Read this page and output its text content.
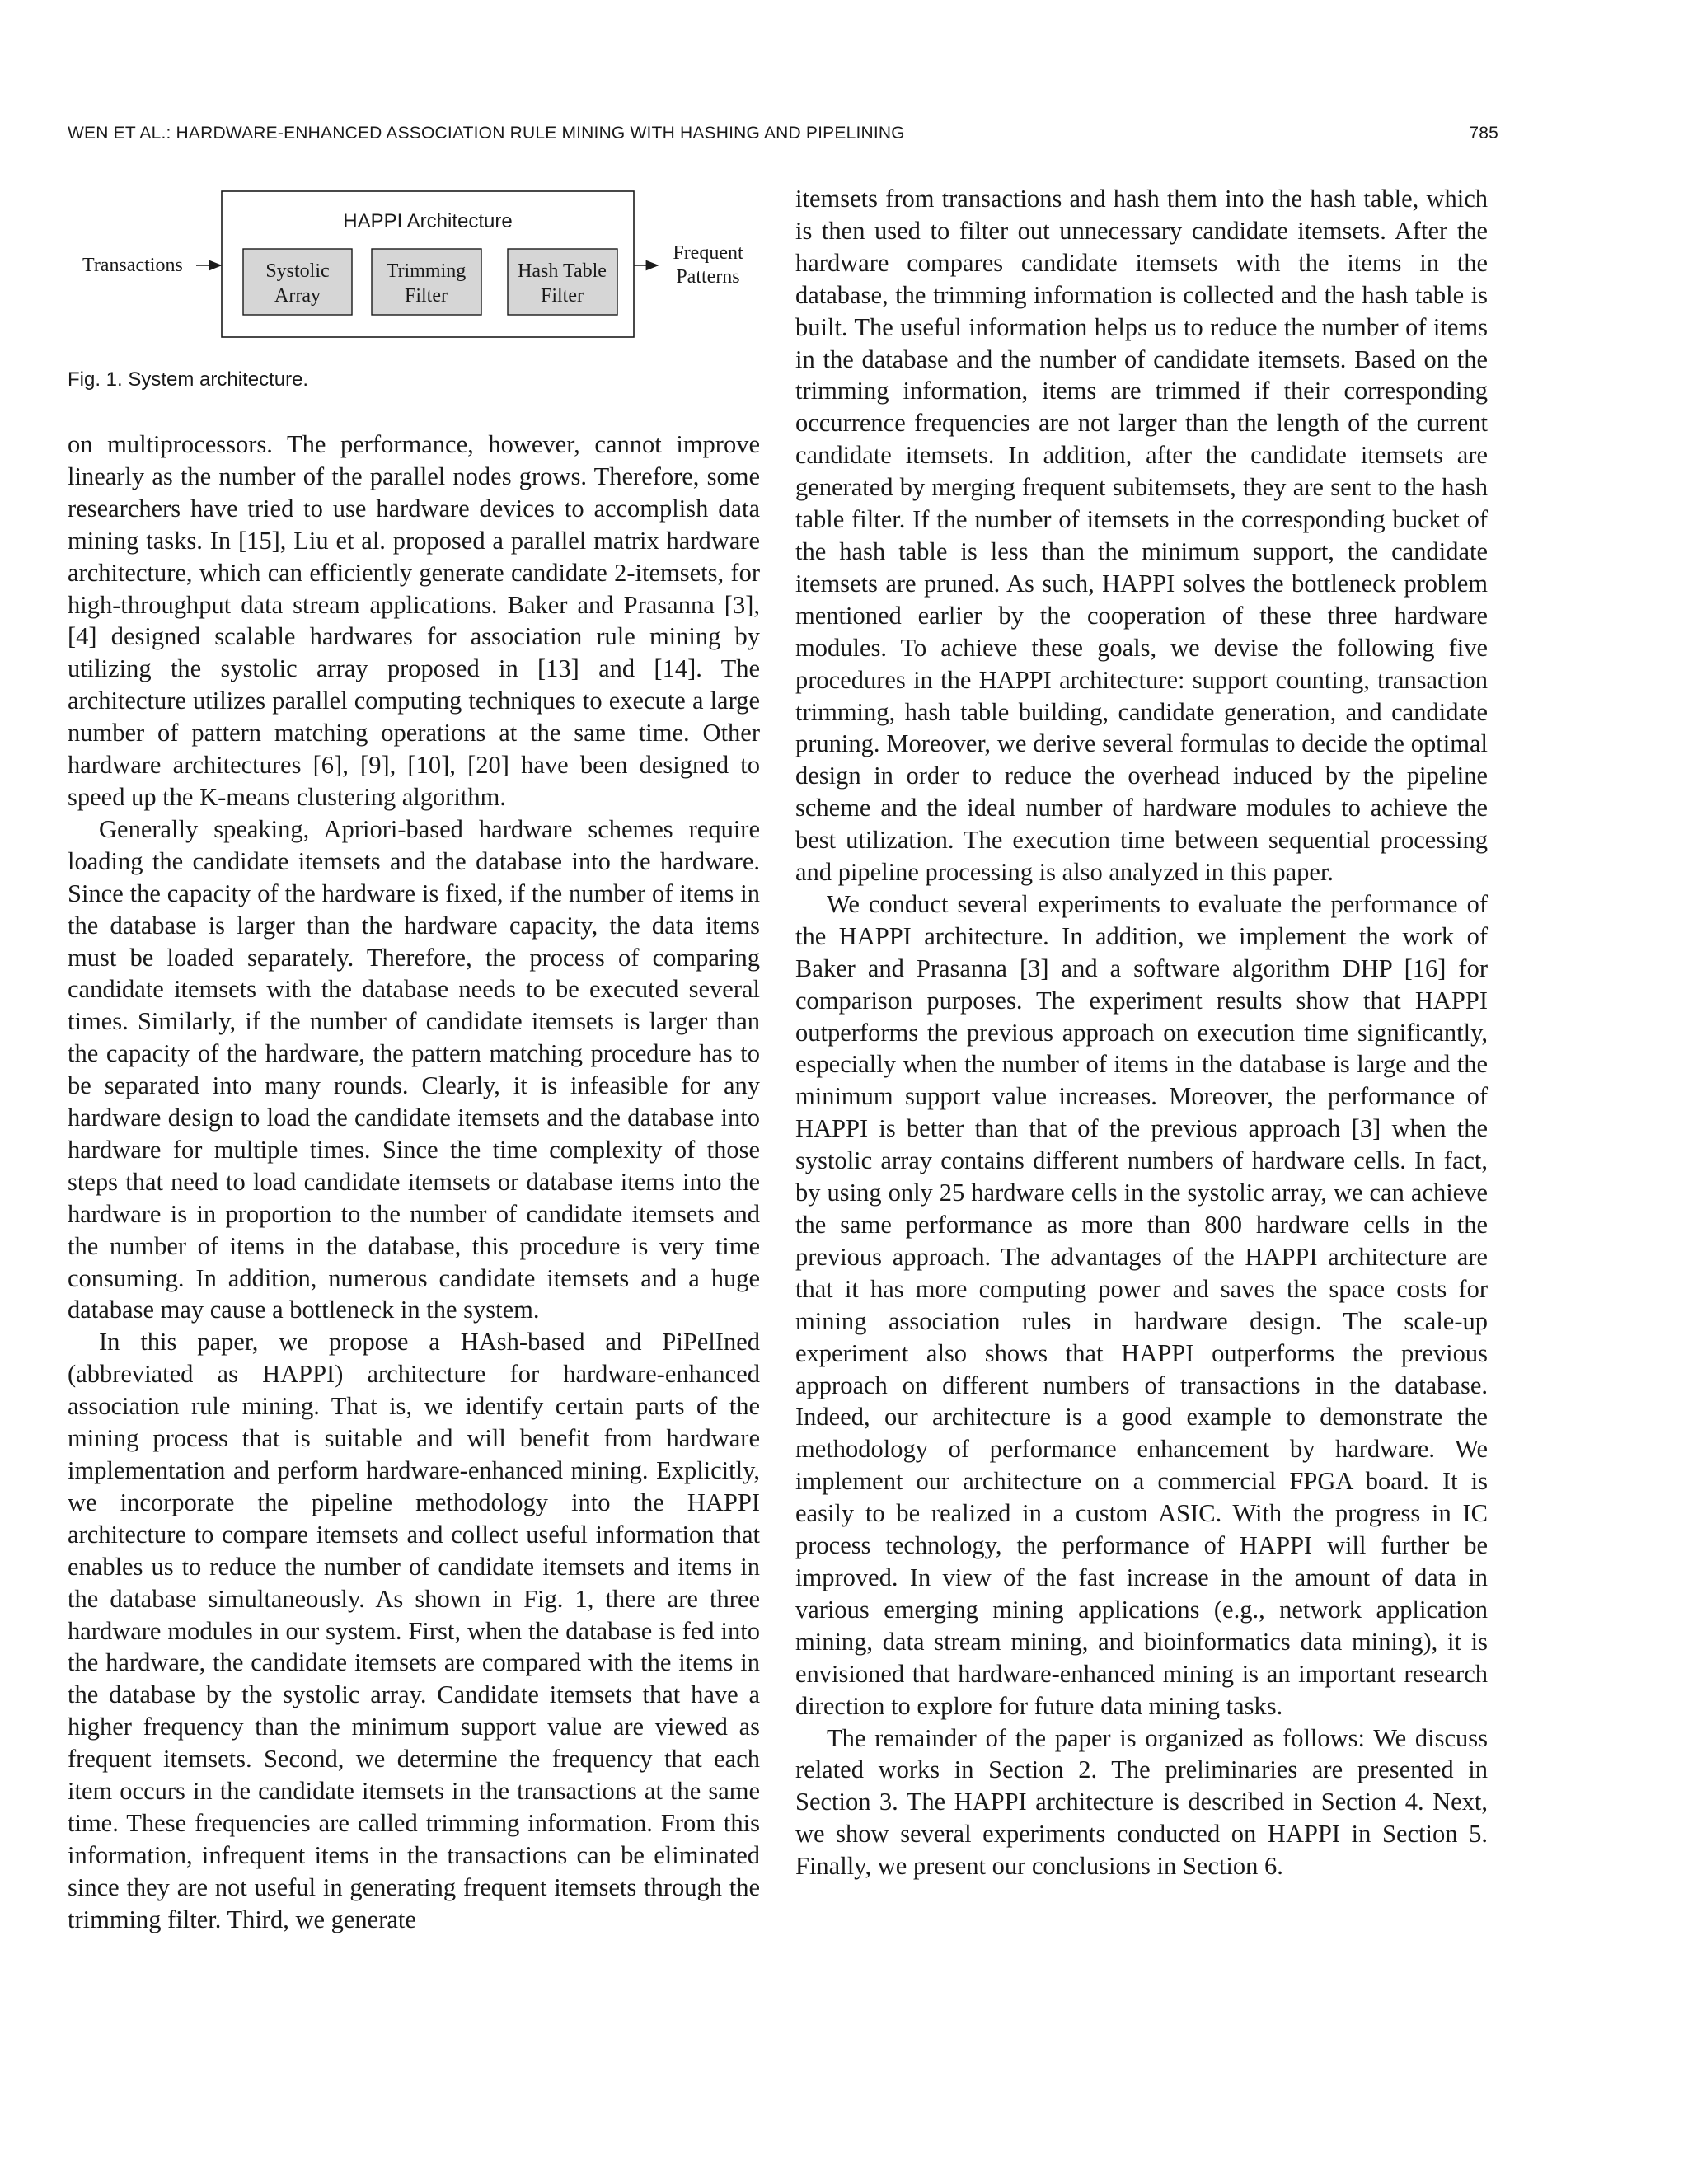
WEN ET AL.: HARDWARE-ENHANCED ASSOCIATION RULE MINING WITH HASHING AND PIPELINING	785
HAPPI Architecture
Systolic
Array
Trimming
Filter
Hash Table
Filter
Transactions
Frequent
Patterns
Fig. 1. System architecture.

on multiprocessors. The performance, however, cannot improve linearly as the number of the parallel nodes grows. Therefore, some researchers have tried to use hardware devices to accomplish data mining tasks. In [15], Liu et al. proposed a parallel matrix hardware architecture, which can efficiently generate candidate 2-itemsets, for high-throughput data stream applications. Baker and Prasanna [3], [4] designed scalable hardwares for association rule mining by utilizing the systolic array proposed in [13] and [14]. The architecture utilizes parallel computing techniques to execute a large number of pattern matching operations at the same time. Other hardware architectures [6], [9], [10], [20] have been designed to speed up the K-means clustering algorithm.

Generally speaking, Apriori-based hardware schemes require loading the candidate itemsets and the database into the hardware. Since the capacity of the hardware is fixed, if the number of items in the database is larger than the hardware capacity, the data items must be loaded separately. Therefore, the process of comparing candidate itemsets with the database needs to be executed several times. Similarly, if the number of candidate itemsets is larger than the capacity of the hardware, the pattern matching procedure has to be separated into many rounds. Clearly, it is infeasible for any hardware design to load the candidate itemsets and the database into hardware for multiple times. Since the time complexity of those steps that need to load candidate itemsets or database items into the hardware is in proportion to the number of candidate itemsets and the number of items in the database, this procedure is very time consuming. In addition, numerous candidate itemsets and a huge database may cause a bottleneck in the system.

In this paper, we propose a HAsh-based and PiPelIned (abbreviated as HAPPI) architecture for hardware-enhanced association rule mining. That is, we identify certain parts of the mining process that is suitable and will benefit from hardware implementation and perform hardware-enhanced mining. Explicitly, we incorporate the pipeline methodology into the HAPPI architecture to compare itemsets and collect useful information that enables us to reduce the number of candidate itemsets and items in the database simultaneously. As shown in Fig. 1, there are three hardware modules in our system. First, when the database is fed into the hardware, the candidate itemsets are compared with the items in the database by the systolic array. Candidate itemsets that have a higher frequency than the minimum support value are viewed as frequent itemsets. Second, we determine the frequency that each item occurs in the candidate itemsets in the transactions at the same time. These frequencies are called trimming information. From this information, infrequent items in the transactions can be eliminated since they are not useful in generating frequent itemsets through the trimming filter. Third, we generate

itemsets from transactions and hash them into the hash table, which is then used to filter out unnecessary candidate itemsets. After the hardware compares candidate itemsets with the items in the database, the trimming information is collected and the hash table is built. The useful information helps us to reduce the number of items in the database and the number of candidate itemsets. Based on the trimming information, items are trimmed if their corresponding occurrence frequencies are not larger than the length of the current candidate itemsets. In addition, after the candidate itemsets are generated by merging frequent subitemsets, they are sent to the hash table filter. If the number of itemsets in the corresponding bucket of the hash table is less than the minimum support, the candidate itemsets are pruned. As such, HAPPI solves the bottleneck problem mentioned earlier by the cooperation of these three hardware modules. To achieve these goals, we devise the following five procedures in the HAPPI architecture: support counting, transaction trimming, hash table building, candidate generation, and candidate pruning. Moreover, we derive several formulas to decide the optimal design in order to reduce the overhead induced by the pipeline scheme and the ideal number of hardware modules to achieve the best utilization. The execution time between sequential processing and pipeline processing is also analyzed in this paper.

We conduct several experiments to evaluate the performance of the HAPPI architecture. In addition, we implement the work of Baker and Prasanna [3] and a software algorithm DHP [16] for comparison purposes. The experiment results show that HAPPI outperforms the previous approach on execution time significantly, especially when the number of items in the database is large and the minimum support value increases. Moreover, the performance of HAPPI is better than that of the previous approach [3] when the systolic array contains different numbers of hardware cells. In fact, by using only 25 hardware cells in the systolic array, we can achieve the same performance as more than 800 hardware cells in the previous approach. The advantages of the HAPPI architecture are that it has more computing power and saves the space costs for mining association rules in hardware design. The scale-up experiment also shows that HAPPI outperforms the previous approach on different numbers of transactions in the database. Indeed, our architecture is a good example to demonstrate the methodology of performance enhancement by hardware. We implement our architecture on a commercial FPGA board. It is easily to be realized in a custom ASIC. With the progress in IC process technology, the performance of HAPPI will further be improved. In view of the fast increase in the amount of data in various emerging mining applications (e.g., network application mining, data stream mining, and bioinformatics data mining), it is envisioned that hardware-enhanced mining is an important research direction to explore for future data mining tasks.

The remainder of the paper is organized as follows: We discuss related works in Section 2. The preliminaries are presented in Section 3. The HAPPI architecture is described in Section 4. Next, we show several experiments conducted on HAPPI in Section 5. Finally, we present our conclusions in Section 6.
